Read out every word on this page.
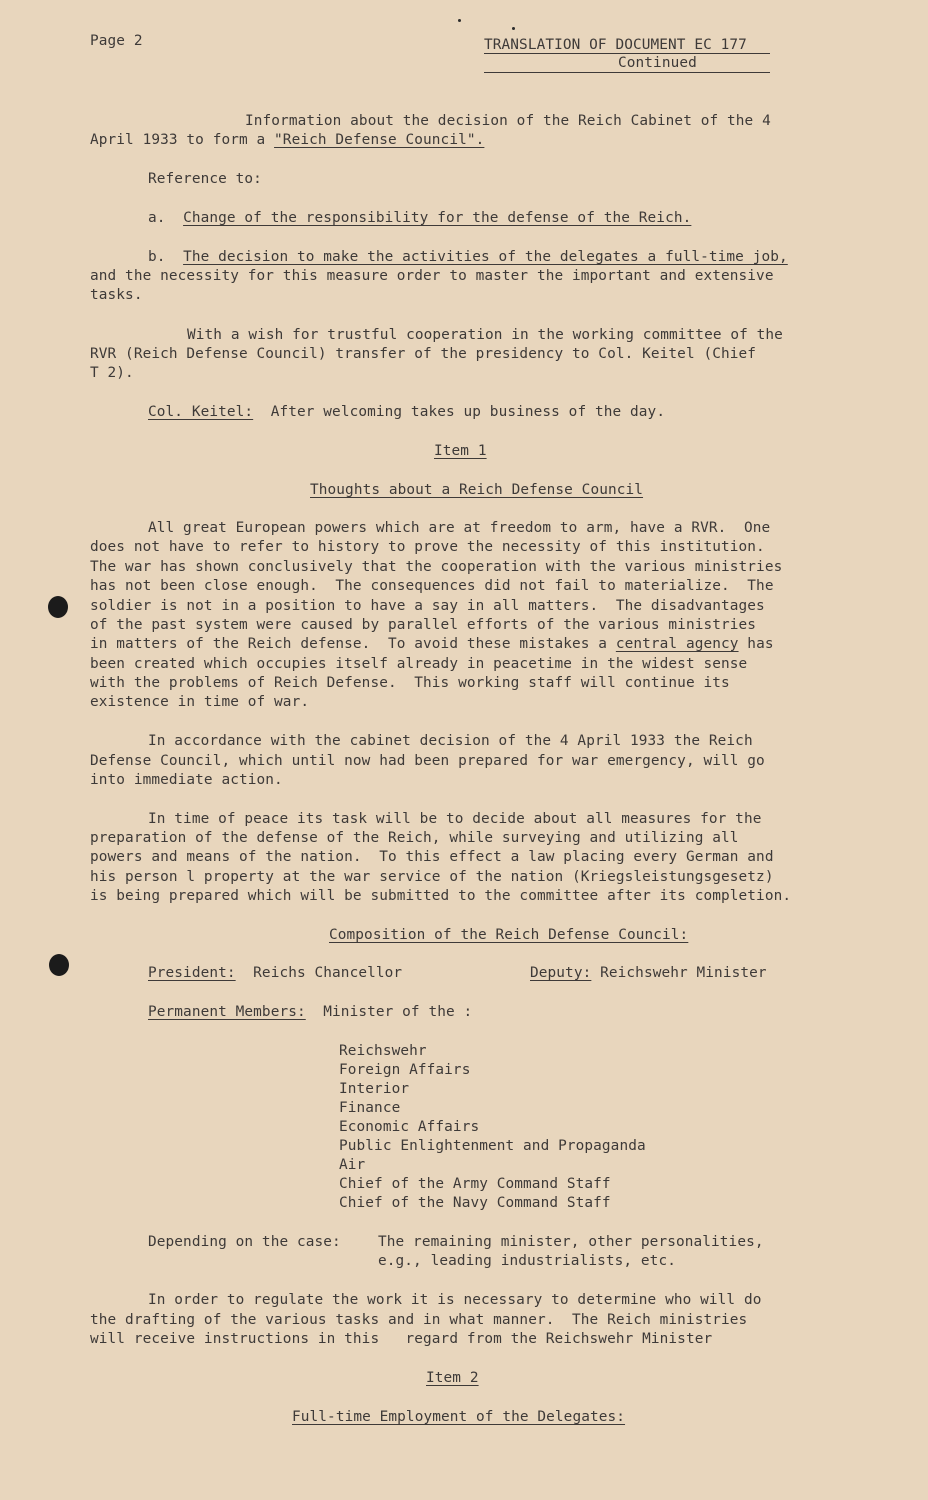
Page 2	TRANSLATION OF DOCUMENT EC 177
Continued
Information about the decision of the Reich Cabinet of the 4
April 1933 to form a "Reich Defense Council".
Reference to:
a. Change of the responsibility for the defense of the Reich.
b. The decision to make the activities of the delegates a full-time job,
and the necessity for this measure order to master the important and extensive
tasks.
With a wish for trustful cooperation in the working committee of the
RVR (Reich Defense Council) transfer of the presidency to Col. Keitel (Chief
T 2).
Col. Keitel: After welcoming takes up business of the day.
Item 1
Thoughts about a Reich Defense Council
All great European powers which are at freedom to arm, have a RVR.  One
does not have to refer to history to prove the necessity of this institution.
The war has shown conclusively that the cooperation with the various ministries
has not been close enough.  The consequences did not fail to materialize.  The
soldier is not in a position to have a say in all matters.  The disadvantages
of the past system were caused by parallel efforts of the various ministries
in matters of the Reich defense.  To avoid these mistakes a central agency has
been created which occupies itself already in peacetime in the widest sense
with the problems of Reich Defense.  This working staff will continue its
existence in time of war.
In accordance with the cabinet decision of the 4 April 1933 the Reich
Defense Council, which until now had been prepared for war emergency, will go
into immediate action.
In time of peace its task will be to decide about all measures for the
preparation of the defense of the Reich, while surveying and utilizing all
powers and means of the nation.  To this effect a law placing every German and
his person l property at the war service of the nation (Kriegsleistungsgesetz)
is being prepared which will be submitted to the committee after its completion.
Composition of the Reich Defense Council:
President: Reichs Chancellor	Deputy: Reichswehr Minister
Permanent Members: Minister of the :
Reichswehr
Foreign Affairs
Interior
Finance
Economic Affairs
Public Enlightenment and Propaganda
Air
Chief of the Army Command Staff
Chief of the Navy Command Staff
Depending on the case:	The remaining minister, other personalities,
e.g., leading industrialists, etc.
In order to regulate the work it is necessary to determine who will do
the drafting of the various tasks and in what manner.  The Reich ministries
will receive instructions in this   regard from the Reichswehr Minister
Item 2
Full-time Employment of the Delegates:
